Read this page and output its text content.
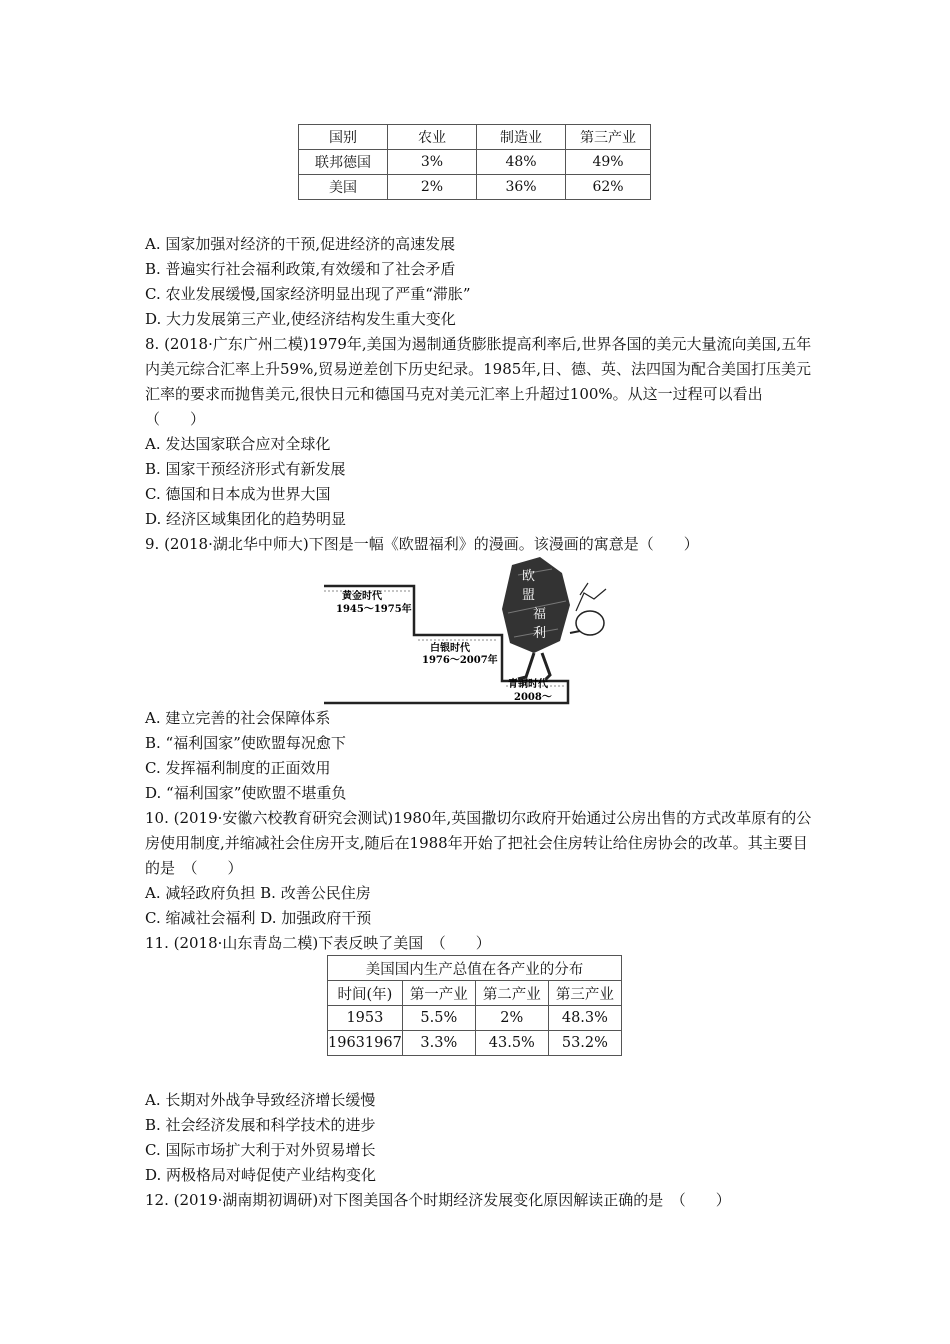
国别	农业	制造业	第三产业
联邦德国	3%	48%	49%
美国	2%	36%	62%
A. 国家加强对经济的干预,促进经济的高速发展
B. 普遍实行社会福利政策,有效缓和了社会矛盾
C. 农业发展缓慢,国家经济明显出现了严重“滞胀”
D. 大力发展第三产业,使经济结构发生重大变化
8. (2018·广东广州二模)1979年,美国为遏制通货膨胀提高利率后,世界各国的美元大量流向美国,五年内美元综合汇率上升59%,贸易逆差创下历史纪录。1985年,日、德、英、法四国为配合美国打压美元汇率的要求而抛售美元,很快日元和德国马克对美元汇率上升超过100%。从这一过程可以看出　（　　）
A. 发达国家联合应对全球化
B. 国家干预经济形式有新发展
C. 德国和日本成为世界大国
D. 经济区域集团化的趋势明显
9. (2018·湖北华中师大)下图是一幅《欧盟福利》的漫画。该漫画的寓意是（　　）
黄金时代
1945～1975年
白银时代
1976～2007年
青铜时代
2008～
欧
盟
福
利
A. 建立完善的社会保障体系
B. “福利国家”使欧盟每况愈下
C. 发挥福利制度的正面效用
D. “福利国家”使欧盟不堪重负
10. (2019·安徽六校教育研究会测试)1980年,英国撒切尔政府开始通过公房出售的方式改革原有的公房使用制度,并缩减社会住房开支,随后在1988年开始了把社会住房转让给住房协会的改革。其主要目的是　（　　）
A. 减轻政府负担 B. 改善公民住房
C. 缩减社会福利 D. 加强政府干预
11. (2018·山东青岛二模)下表反映了美国　（　　）
美国国内生产总值在各产业的分布			
时间(年)	第一产业	第二产业	第三产业
1953	5.5%	2%	48.3%
19631967	3.3%	43.5%	53.2%
A. 长期对外战争导致经济增长缓慢
B. 社会经济发展和科学技术的进步
C. 国际市场扩大利于对外贸易增长
D. 两极格局对峙促使产业结构变化
12. (2019·湖南期初调研)对下图美国各个时期经济发展变化原因解读正确的是　（　　）
